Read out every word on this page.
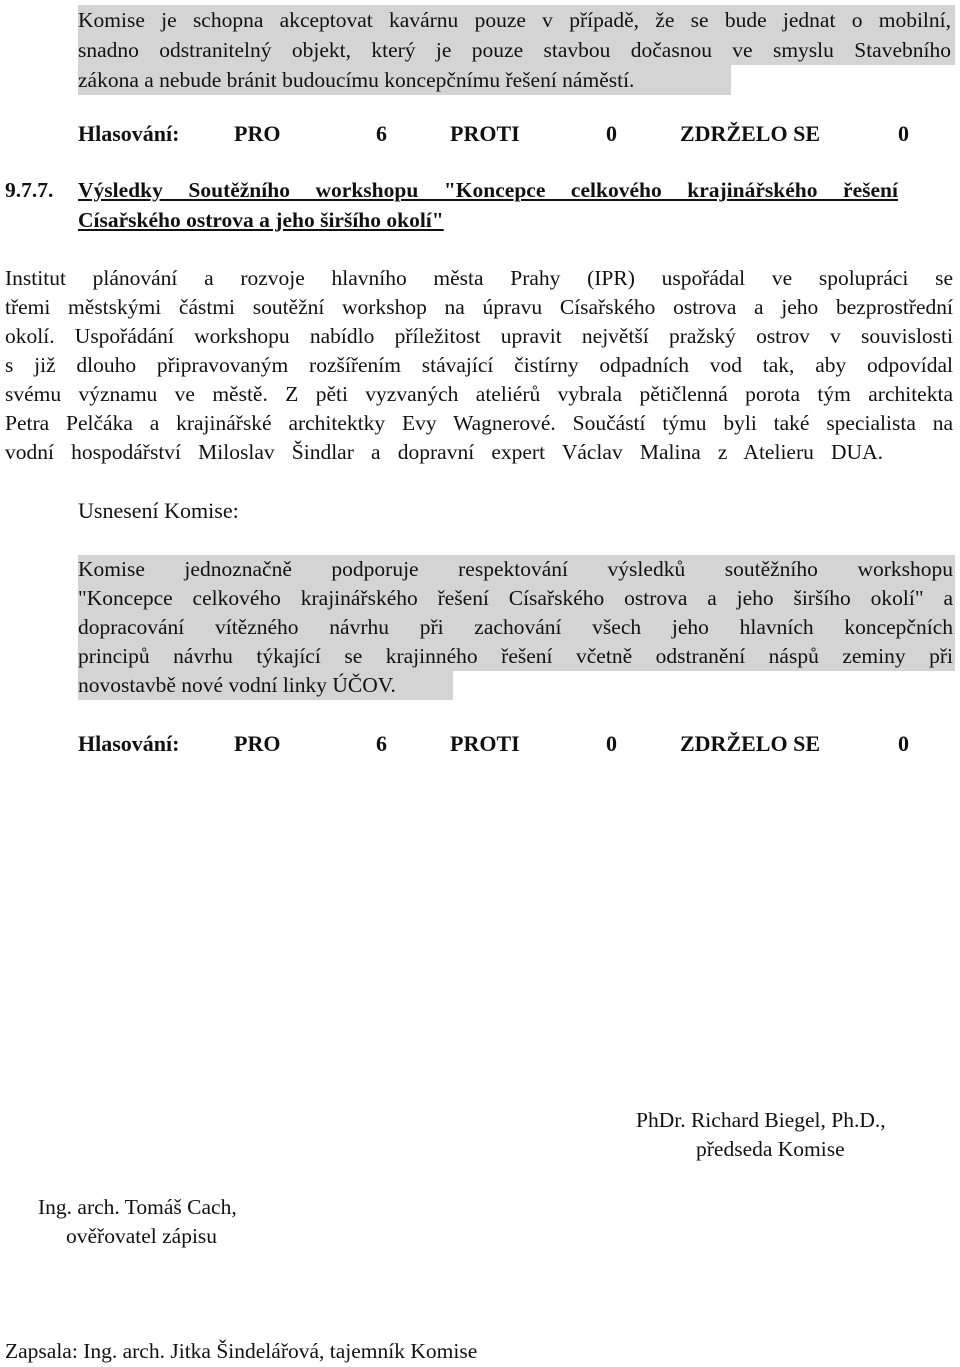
Komise je schopna akceptovat kavárnu pouze v případě, že se bude jednat o mobilní,
snadno odstranitelný objekt, který je pouze stavbou dočasnou ve smyslu Stavebního
zákona a nebude bránit budoucímu koncepčnímu řešení náměstí.
Hlasování: PRO	6	PROTI	0	ZDRŽELO SE	0
9.7.7. Výsledky Soutěžního workshopu "Koncepce celkového krajinářského řešení
Císařského ostrova a jeho širšího okolí"
Institut plánování a rozvoje hlavního města Prahy (IPR) uspořádal ve spolupráci se
třemi městskými částmi soutěžní workshop na úpravu Císařského ostrova a jeho bezprostřední
okolí. Uspořádání workshopu nabídlo příležitost upravit největší pražský ostrov v souvislosti
s již dlouho připravovaným rozšířením stávající čistírny odpadních vod tak, aby odpovídal
svému významu ve městě. Z pěti vyzvaných ateliérů vybrala pětičlenná porota tým architekta
Petra Pelčáka a krajinářské architektky Evy Wagnerové. Součástí týmu byli také specialista na
vodní hospodářství Miloslav Šindlar a dopravní expert Václav Malina z Atelieru DUA.
Usnesení Komise:
Komise jednoznačně podporuje respektování výsledků soutěžního workshopu
"Koncepce celkového krajinářského řešení Císařského ostrova a jeho širšího okolí" a
dopracování vítězného návrhu při zachování všech jeho hlavních koncepčních
principů návrhu týkající se krajinného řešení včetně odstranění náspů zeminy při
novostavbě nové vodní linky ÚČOV.
Hlasování: PRO	6	PROTI	0	ZDRŽELO SE	0
PhDr. Richard Biegel, Ph.D.,
předseda Komise
Ing. arch. Tomáš Cach,
ověřovatel zápisu
Zapsala: Ing. arch. Jitka Šindelářová, tajemník Komise
